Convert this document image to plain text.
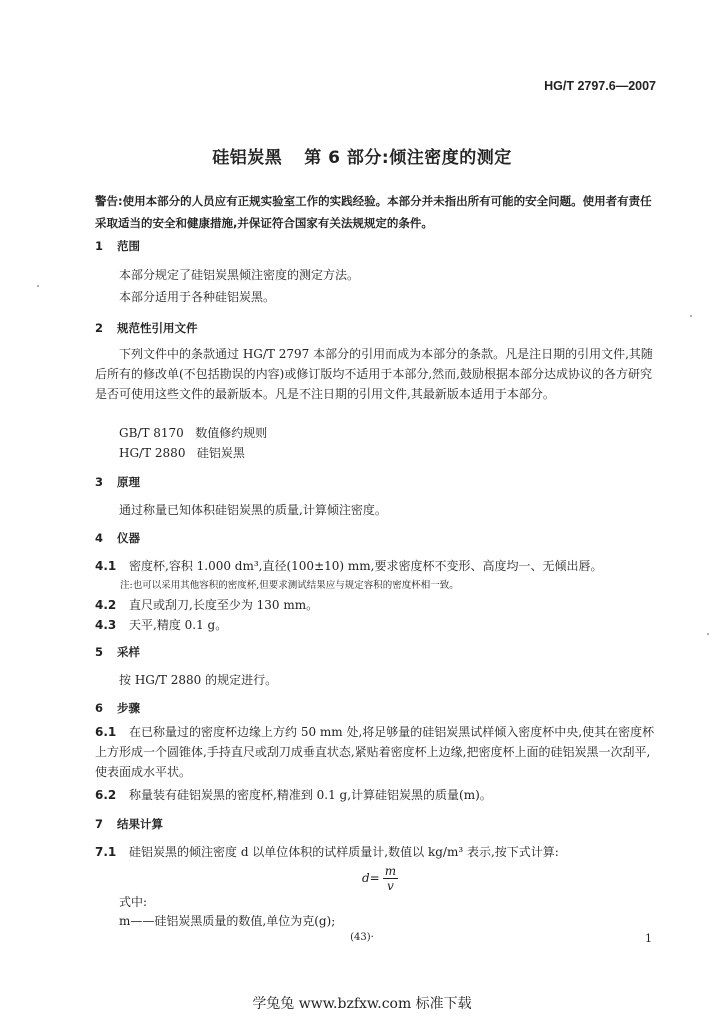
HG/T 2797.6—2007
硅铝炭黑 第 6 部分:倾注密度的测定
警告:使用本部分的人员应有正规实验室工作的实践经验。本部分并未指出所有可能的安全问题。使用者有责任采取适当的安全和健康措施,并保证符合国家有关法规规定的条件。
1 范围
本部分规定了硅铝炭黑倾注密度的测定方法。
本部分适用于各种硅铝炭黑。
2 规范性引用文件
下列文件中的条款通过 HG/T 2797 本部分的引用而成为本部分的条款。凡是注日期的引用文件,其随后所有的修改单(不包括勘误的内容)或修订版均不适用于本部分,然而,鼓励根据本部分达成协议的各方研究是否可使用这些文件的最新版本。凡是不注日期的引用文件,其最新版本适用于本部分。
GB/T 8170 数值修约规则
HG/T 2880 硅铝炭黑
3 原理
通过称量已知体积硅铝炭黑的质量,计算倾注密度。
4 仪器
4.1 密度杯,容积 1.000 dm³,直径(100±10) mm,要求密度杯不变形、高度均一、无倾出唇。
注:也可以采用其他容积的密度杯,但要求测试结果应与规定容积的密度杯相一致。
4.2 直尺或刮刀,长度至少为 130 mm。
4.3 天平,精度 0.1 g。
5 采样
按 HG/T 2880 的规定进行。
6 步骤
6.1 在已称量过的密度杯边缘上方约 50 mm 处,将足够量的硅铝炭黑试样倾入密度杯中央,使其在密度杯上方形成一个圆锥体,手持直尺或刮刀成垂直状态,紧贴着密度杯上边缘,把密度杯上面的硅铝炭黑一次刮平,使表面成水平状。
6.2 称量装有硅铝炭黑的密度杯,精准到 0.1 g,计算硅铝炭黑的质量(m)。
7 结果计算
7.1 硅铝炭黑的倾注密度 d 以单位体积的试样质量计,数值以 kg/m³ 表示,按下式计算:
$d= \frac{m}{v}$
式中:
m——硅铝炭黑质量的数值,单位为克(g);
(43)·	1
学兔兔 www.bzfxw.com 标准下载
